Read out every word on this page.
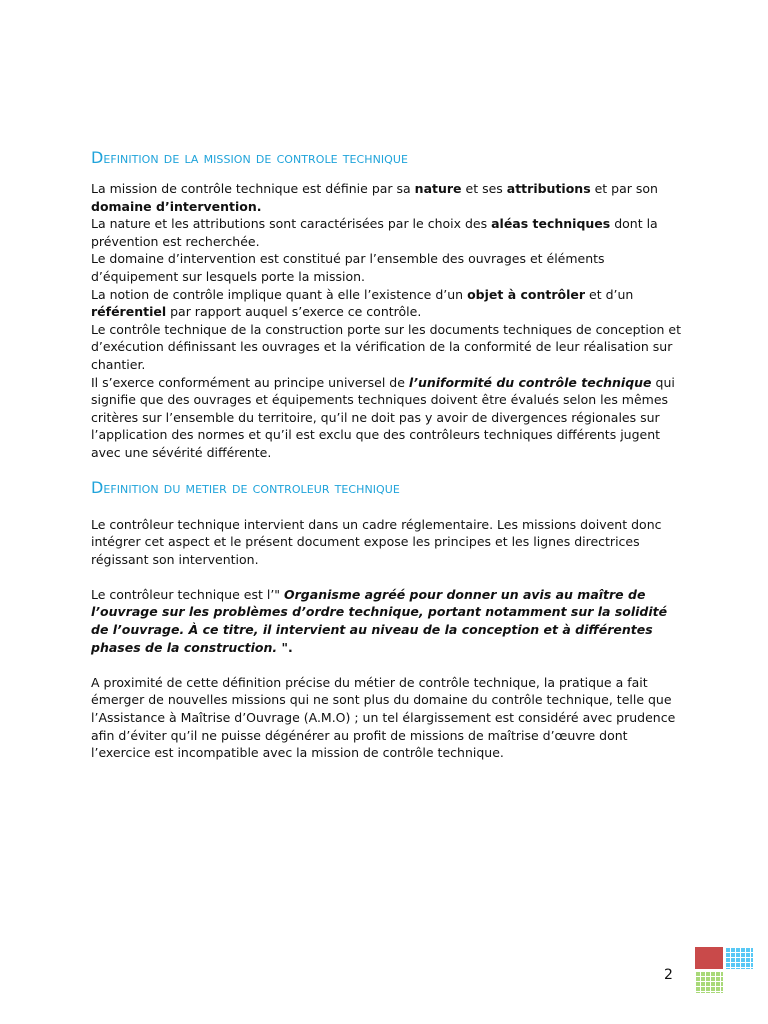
Definition de la mission de controle technique

La mission de contrôle technique est définie par sa nature et ses attributions et par son domaine d’intervention.

La nature et les attributions sont caractérisées par le choix des aléas techniques dont la prévention est recherchée.

Le domaine d’intervention est constitué par l’ensemble des ouvrages et éléments d’équipement sur lesquels porte la mission.

La notion de contrôle implique quant à elle l’existence d’un objet à contrôler et d’un référentiel par rapport auquel s’exerce ce contrôle.

Le contrôle technique de la construction porte sur les documents techniques de conception et d’exécution définissant les ouvrages et la vérification de la conformité de leur réalisation sur chantier.

Il s’exerce conformément au principe universel de l’uniformité du contrôle technique qui signifie que des ouvrages et équipements techniques doivent être évalués selon les mêmes critères sur l’ensemble du territoire, qu’il ne doit pas y avoir de divergences régionales sur l’application des normes et qu’il est exclu que des contrôleurs techniques différents jugent avec une sévérité différente.

Definition du metier de controleur technique

Le contrôleur technique intervient dans un cadre réglementaire. Les missions doivent donc intégrer cet aspect et le présent document expose les principes et les lignes directrices régissant son intervention.

Le contrôleur technique est l’" Organisme agréé pour donner un avis au maître de l’ouvrage sur les problèmes d’ordre technique, portant notamment sur la solidité de l’ouvrage. À ce titre, il intervient au niveau de la conception et à différentes phases de la construction. ".

A proximité de cette définition précise du métier de contrôle technique, la pratique a fait émerger de nouvelles missions qui ne sont plus du domaine du contrôle technique, telle que l’Assistance à Maîtrise d’Ouvrage (A.M.O) ; un tel élargissement est considéré avec prudence afin d’éviter qu’il ne puisse dégénérer au profit de missions de maîtrise d’œuvre dont l’exercice est incompatible avec la mission de contrôle technique.

2
